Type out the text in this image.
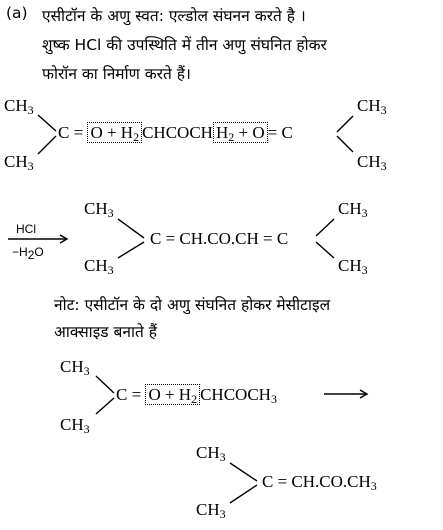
(a) एसीटॉन के अणु स्वत: एल्डोल संघनन करते है ।
शुष्क HCl की उपस्थिति में तीन अणु संघनित होकर
फोरॉन का निर्माण करते हैं।
$CH_3$
$CH_3$
$C = O + H_2$ CHCOCH $H_2 + O = C$
$CH_3$
$CH_3$
HCl
$-H_2O$
$CH_3$
$CH_3$
C = CH.CO.CH = C
$CH_3$
$CH_3$
नोट: एसीटॉन के दो अणु संघनित होकर मेसीटाइल
आक्साइड बनाते हैं
$CH_3$
$CH_3$
$C = O + H_2$ $CHCOCH_3$
$CH_3$
$CH_3$
$C = CH.CO.CH_3$
